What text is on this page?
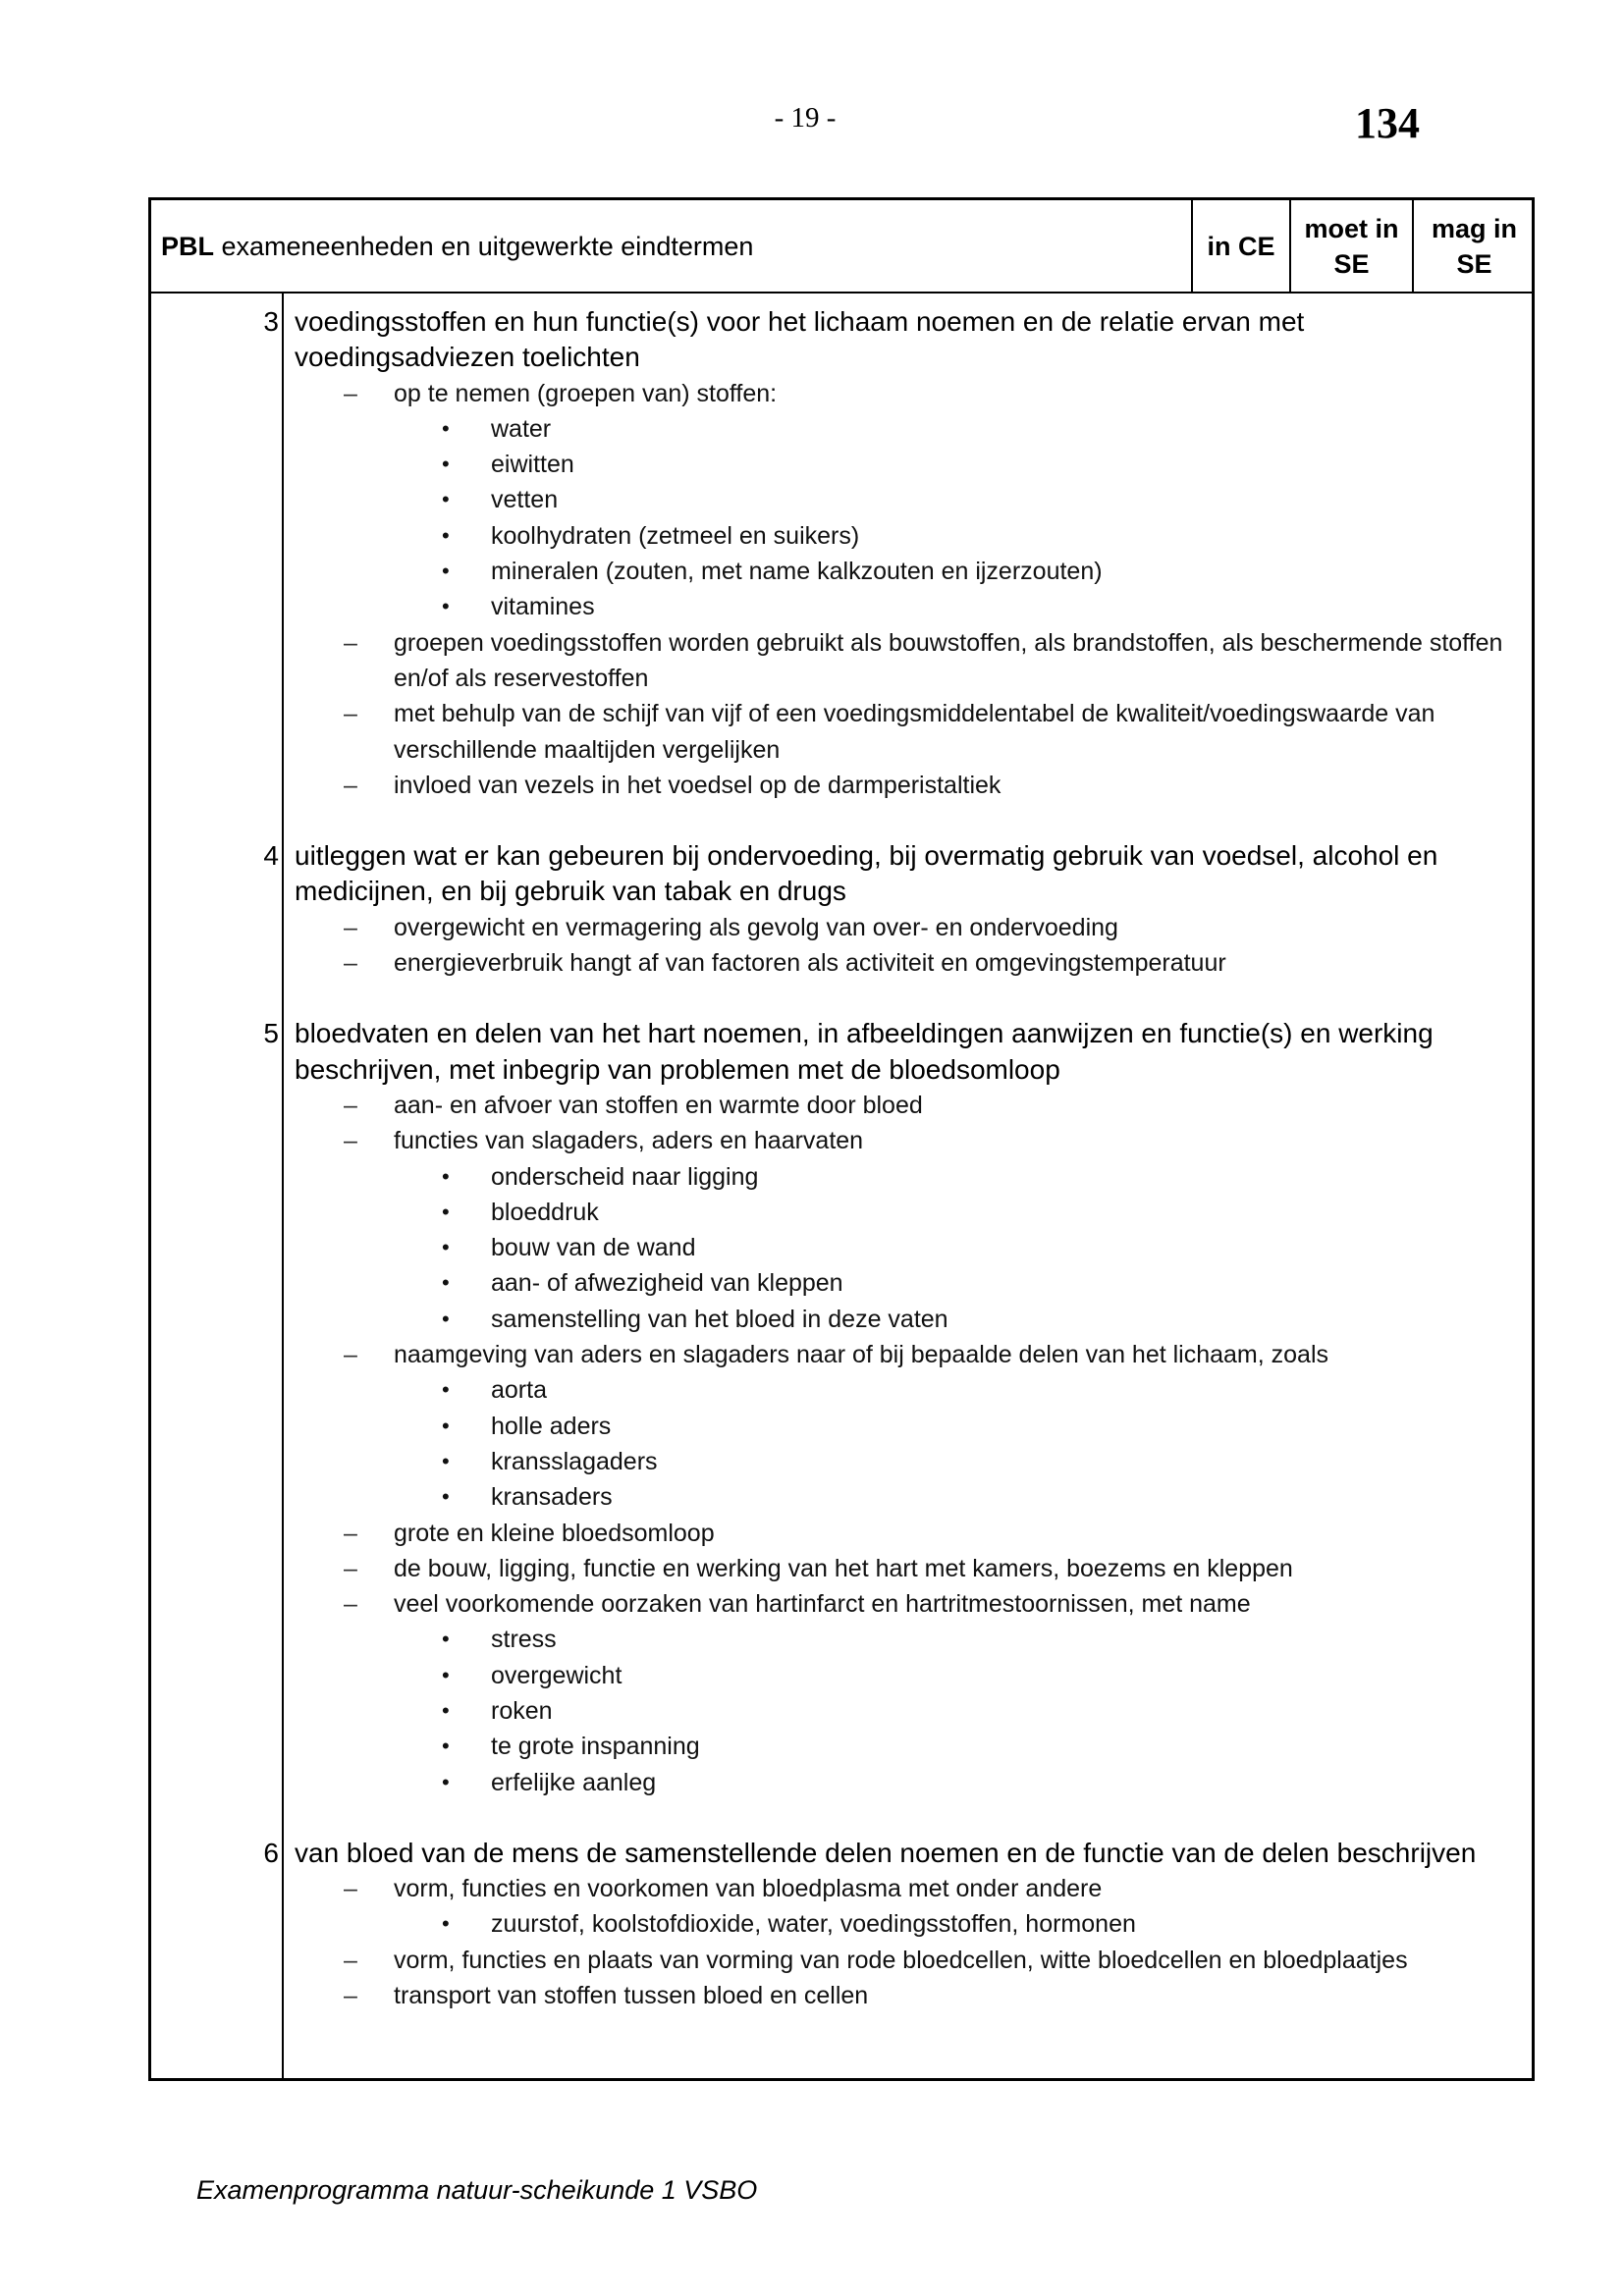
- 19 -	134
PBL exameneenheden en uitgewerkte eindtermen	in CE
moet in
SE
mag in
SE
3 voedingsstoffen en hun functie(s) voor het lichaam noemen en de relatie ervan met voedingsadviezen toelichten
– op te nemen (groepen van) stoffen:
• water
• eiwitten
• vetten
• koolhydraten (zetmeel en suikers)
• mineralen (zouten, met name kalkzouten en ijzerzouten)
• vitamines
– groepen voedingsstoffen worden gebruikt als bouwstoffen, als brandstoffen, als beschermende stoffen en/of als reservestoffen
– met behulp van de schijf van vijf of een voedingsmiddelentabel de kwaliteit/voedingswaarde van verschillende maaltijden vergelijken
– invloed van vezels in het voedsel op de darmperistaltiek
4 uitleggen wat er kan gebeuren bij ondervoeding, bij overmatig gebruik van voedsel, alcohol en medicijnen, en bij gebruik van tabak en drugs
– overgewicht en vermagering als gevolg van over- en ondervoeding
– energieverbruik hangt af van factoren als activiteit en omgevingstemperatuur
5 bloedvaten en delen van het hart noemen, in afbeeldingen aanwijzen en functie(s) en werking beschrijven, met inbegrip van problemen met de bloedsomloop
– aan- en afvoer van stoffen en warmte door bloed
– functies van slagaders, aders en haarvaten
• onderscheid naar ligging
• bloeddruk
• bouw van de wand
• aan- of afwezigheid van kleppen
• samenstelling van het bloed in deze vaten
– naamgeving van aders en slagaders naar of bij bepaalde delen van het lichaam, zoals
• aorta
• holle aders
• kransslagaders
• kransaders
– grote en kleine bloedsomloop
– de bouw, ligging, functie en werking van het hart met kamers, boezems en kleppen
– veel voorkomende oorzaken van hartinfarct en hartritmestoornissen, met name
• stress
• overgewicht
• roken
• te grote inspanning
• erfelijke aanleg
6 van bloed van de mens de samenstellende delen noemen en de functie van de delen beschrijven
– vorm, functies en voorkomen van bloedplasma met onder andere
• zuurstof, koolstofdioxide, water, voedingsstoffen, hormonen
– vorm, functies en plaats van vorming van rode bloedcellen, witte bloedcellen en bloedplaatjes
– transport van stoffen tussen bloed en cellen
Examenprogramma natuur-scheikunde 1 VSBO
